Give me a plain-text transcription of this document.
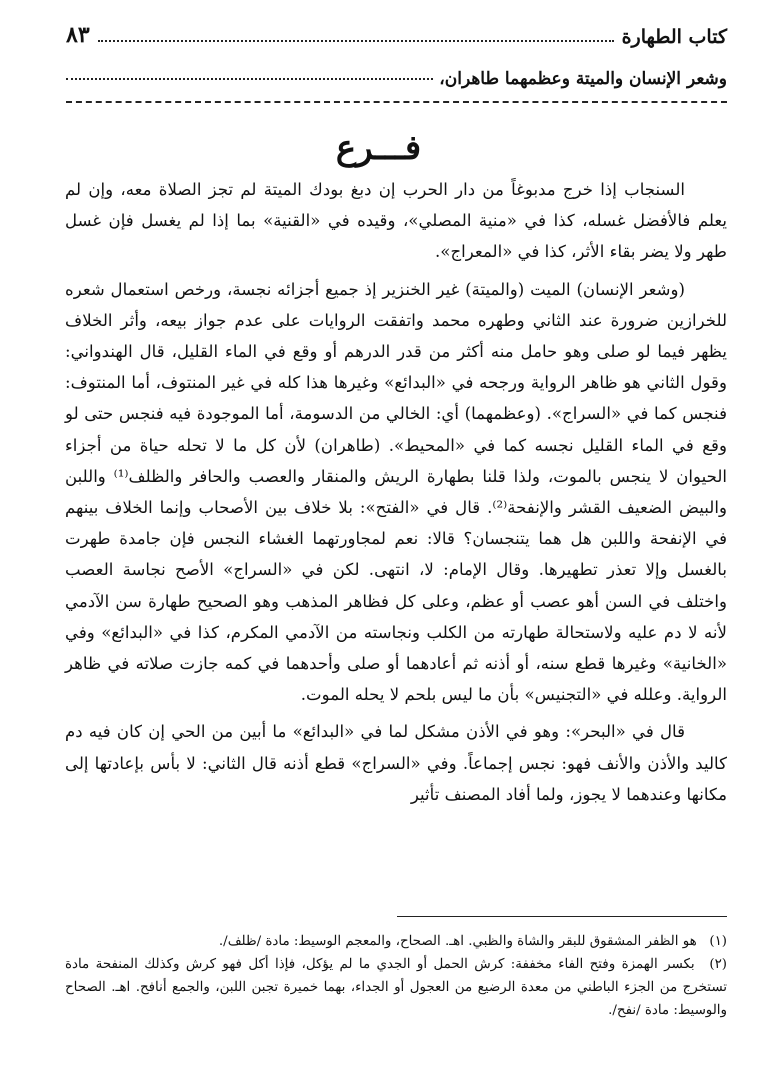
كتاب الطهارة
٨٣
وشعر الإنسان والميتة وعظمهما طاهران،
فـــرع

السنجاب إذا خرج مدبوغاً من دار الحرب إن دبغ بودك الميتة لم تجز الصلاة معه، وإن لم يعلم فالأفضل غسله، كذا في «منية المصلي»، وقيده في «القنية» بما إذا لم يغسل فإن غسل طهر ولا يضر بقاء الأثر، كذا في «المعراج».

(وشعر الإنسان) الميت (والميتة) غير الخنزير إذ جميع أجزائه نجسة، ورخص استعمال شعره للخرازين ضرورة عند الثاني وطهره محمد واتفقت الروايات على عدم جواز بيعه، وأثر الخلاف يظهر فيما لو صلى وهو حامل منه أكثر من قدر الدرهم أو وقع في الماء القليل، قال الهندواني: وقول الثاني هو ظاهر الرواية ورجحه في «البدائع» وغيرها هذا كله في غير المنتوف، أما المنتوف: فنجس كما في «السراج». (وعظمهما) أي: الخالي من الدسومة، أما الموجودة فيه فنجس حتى لو وقع في الماء القليل نجسه كما في «المحيط». (طاهران) لأن كل ما لا تحله حياة من أجزاء الحيوان لا ينجس بالموت، ولذا قلنا بطهارة الريش والمنقار والعصب والحافر والظلف⁽¹⁾ واللبن والبيض الضعيف القشر والإنفحة⁽²⁾. قال في «الفتح»: بلا خلاف بين الأصحاب وإنما الخلاف بينهم في الإنفحة واللبن هل هما يتنجسان؟ قالا: نعم لمجاورتهما الغشاء النجس فإن جامدة طهرت بالغسل وإلا تعذر تطهيرها. وقال الإمام: لا، انتهى. لكن في «السراج» الأصح نجاسة العصب واختلف في السن أهو عصب أو عظم، وعلى كل فظاهر المذهب وهو الصحيح طهارة سن الآدمي لأنه لا دم عليه ولاستحالة طهارته من الكلب ونجاسته من الآدمي المكرم، كذا في «البدائع» وفي «الخانية» وغيرها قطع سنه، أو أذنه ثم أعادهما أو صلى وأحدهما في كمه جازت صلاته في ظاهر الرواية. وعلله في «التجنيس» بأن ما ليس بلحم لا يحله الموت.

قال في «البحر»: وهو في الأذن مشكل لما في «البدائع» ما أبين من الحي إن كان فيه دم كاليد والأذن والأنف فهو: نجس إجماعاً. وفي «السراج» قطع أذنه قال الثاني: لا بأس بإعادتها إلى مكانها وعندهما لا يجوز، ولما أفاد المصنف تأثير

(١) هو الظفر المشقوق للبقر والشاة والظبي. اهـ. الصحاح، والمعجم الوسيط: مادة /ظلف/.

(٢) بكسر الهمزة وفتح الفاء مخففة: كرش الحمل أو الجدي ما لم يؤكل، فإذا أكل فهو كرش وكذلك المنفحة مادة تستخرج من الجزء الباطني من معدة الرضيع من العجول أو الجداء، بهما خميرة تجبن اللبن، والجمع أنافح. اهـ. الصحاح والوسيط: مادة /نفح/.
